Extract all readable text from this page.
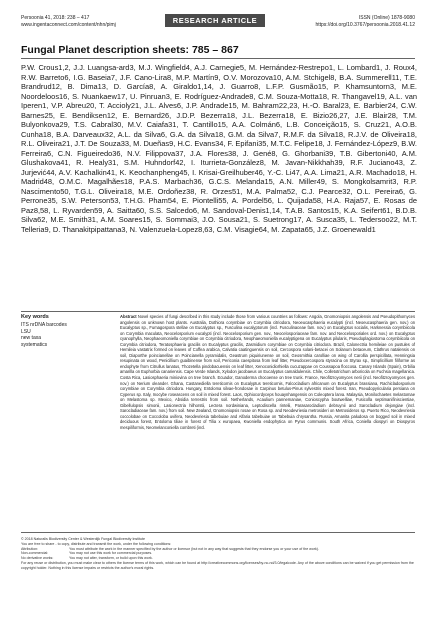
Persoonia 41, 2018: 238 – 417
www.ingentaconnect.com/content/nhn/pimj	RESEARCH ARTICLE	ISSN (Online) 1878-9080
https://doi.org/10.3767/persoonia.2018.41.12
Fungal Planet description sheets: 785 – 867
P.W. Crous1,2, J.J. Luangsa-ard3, M.J. Wingfield4, A.J. Carnegie5, M. Hernández-Restrepo1, L. Lombard1, J. Roux4, R.W. Barreto6, I.G. Baseia7, J.F. Cano-Lira8, M.P. Martín9, O.V. Morozova10, A.M. Stchigel8, B.A. Summerell11, T.E. Brandrud12, B. Dima13, D. García8, A. Giraldo1,14, J. Guarro8, L.F.P. Gusmão15, P. Khamsuntorn3, M.E. Noordeloos16, S. Nuankaew17, U. Pinruan3, E. Rodríguez-Andrade8, C.M. Souza-Motta18, R. Thangavel19, A.L. van Iperen1, V.P. Abreu20, T. Accioly21, J.L. Alves6, J.P. Andrade15, M. Bahram22,23, H.-O. Baral23, E. Barbier24, C.W. Barnes25, E. Bendiksen12, E. Bernard26, J.D.P. Bezerra18, J.L. Bezerra18, E. Bizio26,27, J.E. Blair28, T.M. Bulyonkova29, T.S. Cabral30, M.V. Caiafa31, T. Cantillo15, A.A. Colmán6, L.B. Conceição15, S. Cruz21, A.O.B. Cunha18, B.A. Darveaux32, A.L. da Silva6, G.A. da Silva18, G.M. da Silva7, R.M.F. da Silva18, R.J.V. de Oliveira18, R.L. Oliveira21, J.T. De Souza33, M. Dueñas9, H.C. Evans34, F. Epifani35, M.T.C. Felipe18, J. Fernández-López9, B.W. Ferreira6, C.N. Figueiredo36, N.V. Filippova37, J.A. Flores38, J. Gené8, G. Ghorbani39, T.B. Gibertoni40, A.M. Glushakova41, R. Healy31, S.M. Huhndorf42, I. Iturrieta-González8, M. Javan-Nikkhah39, R.F. Juciano43, Z. Jurjević44, A.V. Kachalkin41, K. Keochanpheng45, I. Krisai-Greilhuber46, Y.-C. Li47, A.A. Lima21, A.R. Machado18, H. Madrid48, O.M.C. Magalhães18, P.A.S. Marbach36, G.C.S. Melanda15, A.N. Miller49, S. Mongkolsamrit3, R.P. Nascimento50, T.G.L. Oliveira18, M.E. Ordoñez38, R. Orzes51, M.A. Palma52, C.J. Pearce32, O.L. Pereira6, G. Perrone35, S.W. Peterson53, T.H.G. Pham54, E. Piontelli55, A. Pordel56, L. Quijada58, H.A. Raja57, E. Rosas de Paz8,58, L. Ryvarden59, A. Saitta60, S.S. Salcedo6, M. Sandoval-Denis1,14, T.A.B. Santos15, K.A. Seifert61, B.D.B. Silva62, M.E. Smith31, A.M. Soares15, S. Sommai3, J.O. Sousa21, S. Suetrong17, A. Susca35, L. Tedersoo22, M.T. Telleria9, D. Thanakitpipattana3, N. Valenzuela-Lopez8,63, C.M. Visagie64, M. Zapata65, J.Z. Groenewald1
Key words
ITS nrDNA barcodes
LSU
new taxa
systematics
Abstract Novel species of fungi described in this study include those from various countries as follows: Angola, Gnomoniopsis angolensis and Pseudopithomyces angolensis on unknown host plants. Australia, Dothiora corymbiae on Corymbia citriodora, Neoeucasphaeria eucalypti (incl. Neoeucasphaeria gen. nov.) on Eucalyptus sp., Fumagospora stellae on Eucalyptus sp., Fusculina eucalyptorum (incl. Fusculinaceae fam. nov.) on Eucalyptus socialis, Harknessia corymbiicola on Corymbia maculata, Neocelosporium eucalypti (incl. Neocelosporium gen. nov., Neocelosporiaceae fam. nov. and Neocelosporiales ord. nov.) on Eucalyptus cyanophylla, Neophaeomoniella corymbiae on Corymbia citriodora, Neophaeomoniella eucalyptigena on Eucalyptus pilularis, Pseudoplagiostoma corymbiicola on Corymbia citriodora, Teratosphaeria gracilis on Eucalyptus gracilis, Zasmidium corymbiae on Corymbia citriodora. Brazil, Calonectria hemileiae on pustules of Hemileia vastatrix formed on leaves of Coffea arabica, Calvatia caatinguensis on soil, Cercospora solani-betacei on Solanum betaceum, Clathrus natalensis on soil, Diaporthe poincianellae on Poincianella pyramidalis, Geastrum piquiriunense on soil, Geosmithia carolliae on wing of Carollia perspicillata, Henningsia resupinata on wood, Penicillium guaibinense from soil, Periconia caespitosa from leaf litter, Pseudocercospora styracina on Styrax sp., Simplicillium filiforme as endophyte from Citrullus lanatus, Thozetella pindobacuensis on leaf litter, Xenoconidiorhiella cucuzappae on Coussapoa floccosa. Canary Islands (Spain), Orbilia amarilla on Euphorbia canariensis. Cape Verde Islands, Xylodon jacobaeus on Eucalyptus camaldulensis. Chile, Colletotrichum arboricola on Fuchsia magellanica. Costa Rica, Lasiosphaeria miniovina on tree branch. Ecuador, Ganoderma chocoense on tree trunk. France, Neofitzroyomyces nerii (incl. Neofitzroyomyces gen. nov.) on Nerium oleander. Ghana, Castanediella tereticornis on Eucalyptus tereticornis, Falcocladium africanum on Eucalyptus brassiana, Rachicladosporium corymbiae on Corymbia citriodora. Hungary, Entoloma silvae-frondosae in Carpinus betulus-Pinus sylvestris mixed forest. Iran, Pseudopyricularia persiana on Cyperus sp. Italy, Inocybe roseascens on soil in mixed forest. Laos, Ophiocordyceps houaynhangensis on Coleoptera larva. Malaysia, Monilochaetes melastomae on Melastoma sp. Mexico, Absidia terrestris from soil. Netherlands, Acaulium pannemaniae, Conioscypha boutwelliae, Fusicolla septimanifiniscientiae, Gibellulopsis simonii, Lasionectria hilhorstii, Lectera nordwiniana, Leptodiscella rintelii, Parasarocladium debruynii and Sarocladium dejongiae (incl. Sarocladiaceae fam. nov.) from soil. New Zealand, Gnomoniopsis rosae on Rosa sp. and Neodevriesia metrosideri on Metrosideros sp. Puerto Rico, Neodevriesia coccolobae on Coccoloba uvifera, Neodevriesia tabebuiae and Alfaria tabebuiae on Tabebuia chrysantha. Russia, Amanita paludosa on bogged soil in mixed deciduous forest, Entoloma tiliae in forest of Tilia x europaea, Kwoniella endophytica on Pyrus communis. South Africa, Coniella diospyri on Diospyros mespiliformis, Neomelanconiella combreti (incl.
© 2018 Naturalis Biodiversity Center & Westerdijk Fungal Biodiversity Institute
You are free to share - to copy, distribute and transmit the work, under the following conditions:
Attribution:	You must attribute the work in the manner specified by the author or licensor (but not in any way that suggests that they endorse you or your use of the work).
Non-commercial:	You may not use this work for commercial purposes.
No derivative works:	You may not alter, transform, or build upon this work.
For any reuse or distribution, you must make clear to others the license terms of this work, which can be found at http://creativecommons.org/licenses/by-nc-nd/3.0/legalcode. Any of the above conditions can be waived if you get permission from the copyright holder. Nothing in this license impairs or restricts the author's moral rights.
